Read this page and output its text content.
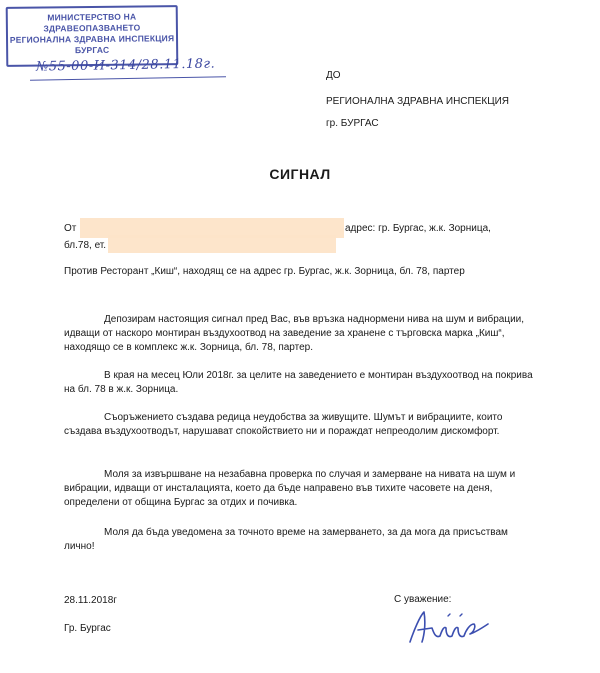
МИНИСТЕРСТВО НА ЗДРАВЕОПАЗВАНЕТО
РЕГИОНАЛНА ЗДРАВНА ИНСПЕКЦИЯ
БУРГАС
№55-00-И-314/28.11.18г.
ДО
РЕГИОНАЛНА ЗДРАВНА ИНСПЕКЦИЯ
гр. БУРГАС
СИГНАЛ
От	адрес: гр. Бургас, ж.к. Зорница,
бл.78, ет.
Против Ресторант „Киш“, находящ се на адрес гр. Бургас, ж.к. Зорница, бл. 78, партер
Депозирам настоящия сигнал пред Вас, във връзка наднормени нива на шум и вибрации, идващи от наскоро монтиран въздухоотвод на заведение за хранене с търговска марка „Киш“, находящо се в комплекс ж.к. Зорница, бл. 78, партер.
В края на месец Юли 2018г. за целите на заведението е монтиран въздухоотвод на покрива на бл. 78 в ж.к. Зорница.
Съоръжението създава редица неудобства за живущите. Шумът и вибрациите, които създава въздухоотводът, нарушават спокойствието ни и пораждат непреодолим дискомфорт.
Моля за извършване на незабавна проверка по случая и замерване на нивата на шум и вибрации, идващи от инсталацията, което да бъде направено във тихите часовете на деня, определени от община Бургас за отдих и почивка.
Моля да бъда уведомена за точното време на замерването, за да мога да присъствам лично!
28.11.2018г
Гр. Бургас
С уважение:
